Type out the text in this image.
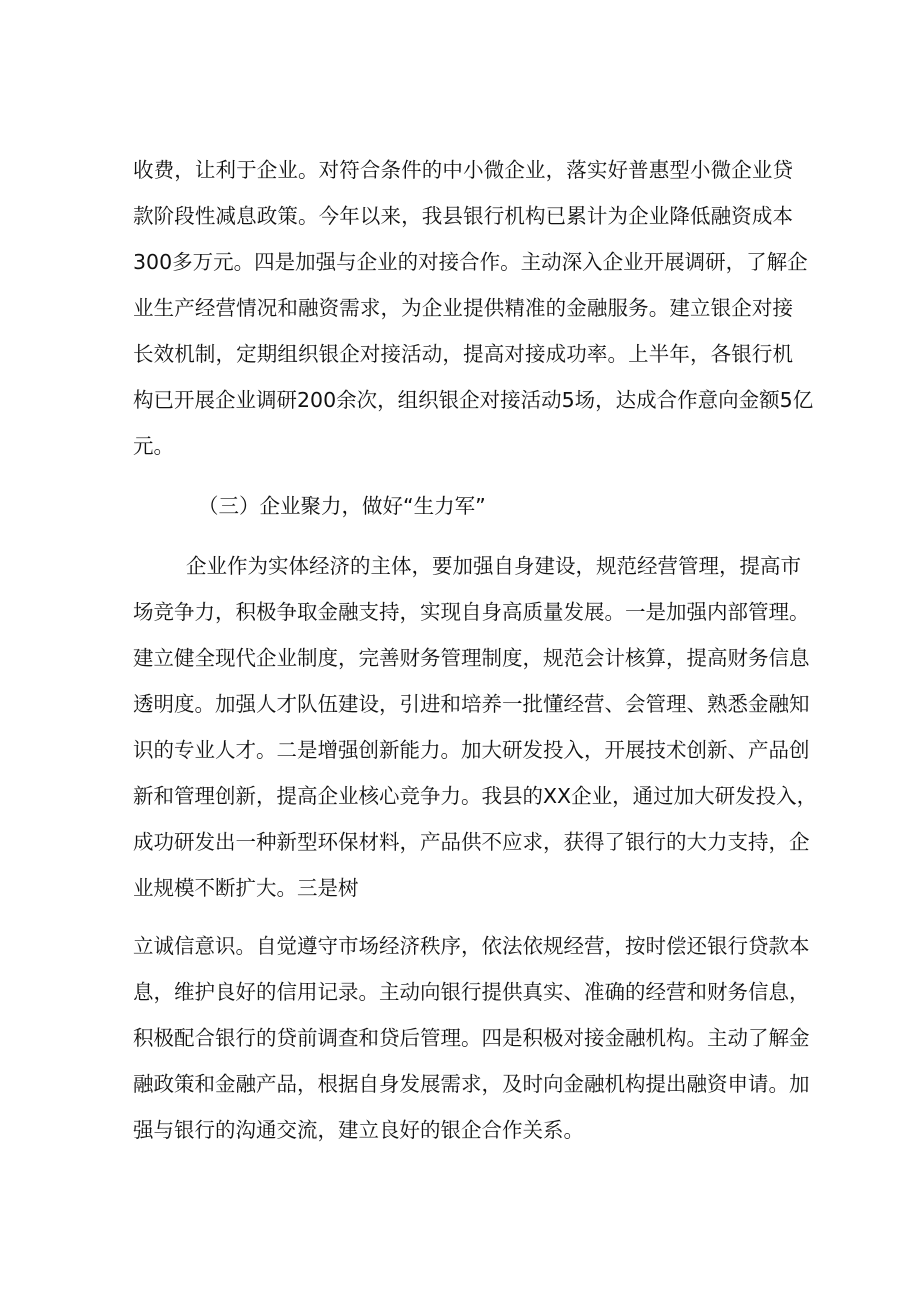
收费，让利于企业。对符合条件的中小微企业，落实好普惠型小微企业贷
款阶段性减息政策。今年以来，我县银行机构已累计为企业降低融资成本
300多万元。四是加强与企业的对接合作。主动深入企业开展调研，了解企
业生产经营情况和融资需求，为企业提供精准的金融服务。建立银企对接
长效机制，定期组织银企对接活动，提高对接成功率。上半年，各银行机
构已开展企业调研200余次，组织银企对接活动5场，达成合作意向金额5亿
元。
（三）企业聚力，做好“生力军”
企业作为实体经济的主体，要加强自身建设，规范经营管理，提高市
场竞争力，积极争取金融支持，实现自身高质量发展。一是加强内部管理。
建立健全现代企业制度，完善财务管理制度，规范会计核算，提高财务信息
透明度。加强人才队伍建设，引进和培养一批懂经营、会管理、熟悉金融知
识的专业人才。二是增强创新能力。加大研发投入，开展技术创新、产品创
新和管理创新，提高企业核心竞争力。我县的XX企业，通过加大研发投入，
成功研发出一种新型环保材料，产品供不应求，获得了银行的大力支持，企
业规模不断扩大。三是树
立诚信意识。自觉遵守市场经济秩序，依法依规经营，按时偿还银行贷款本
息，维护良好的信用记录。主动向银行提供真实、准确的经营和财务信息，
积极配合银行的贷前调查和贷后管理。四是积极对接金融机构。主动了解金
融政策和金融产品，根据自身发展需求，及时向金融机构提出融资申请。加
强与银行的沟通交流，建立良好的银企合作关系。
